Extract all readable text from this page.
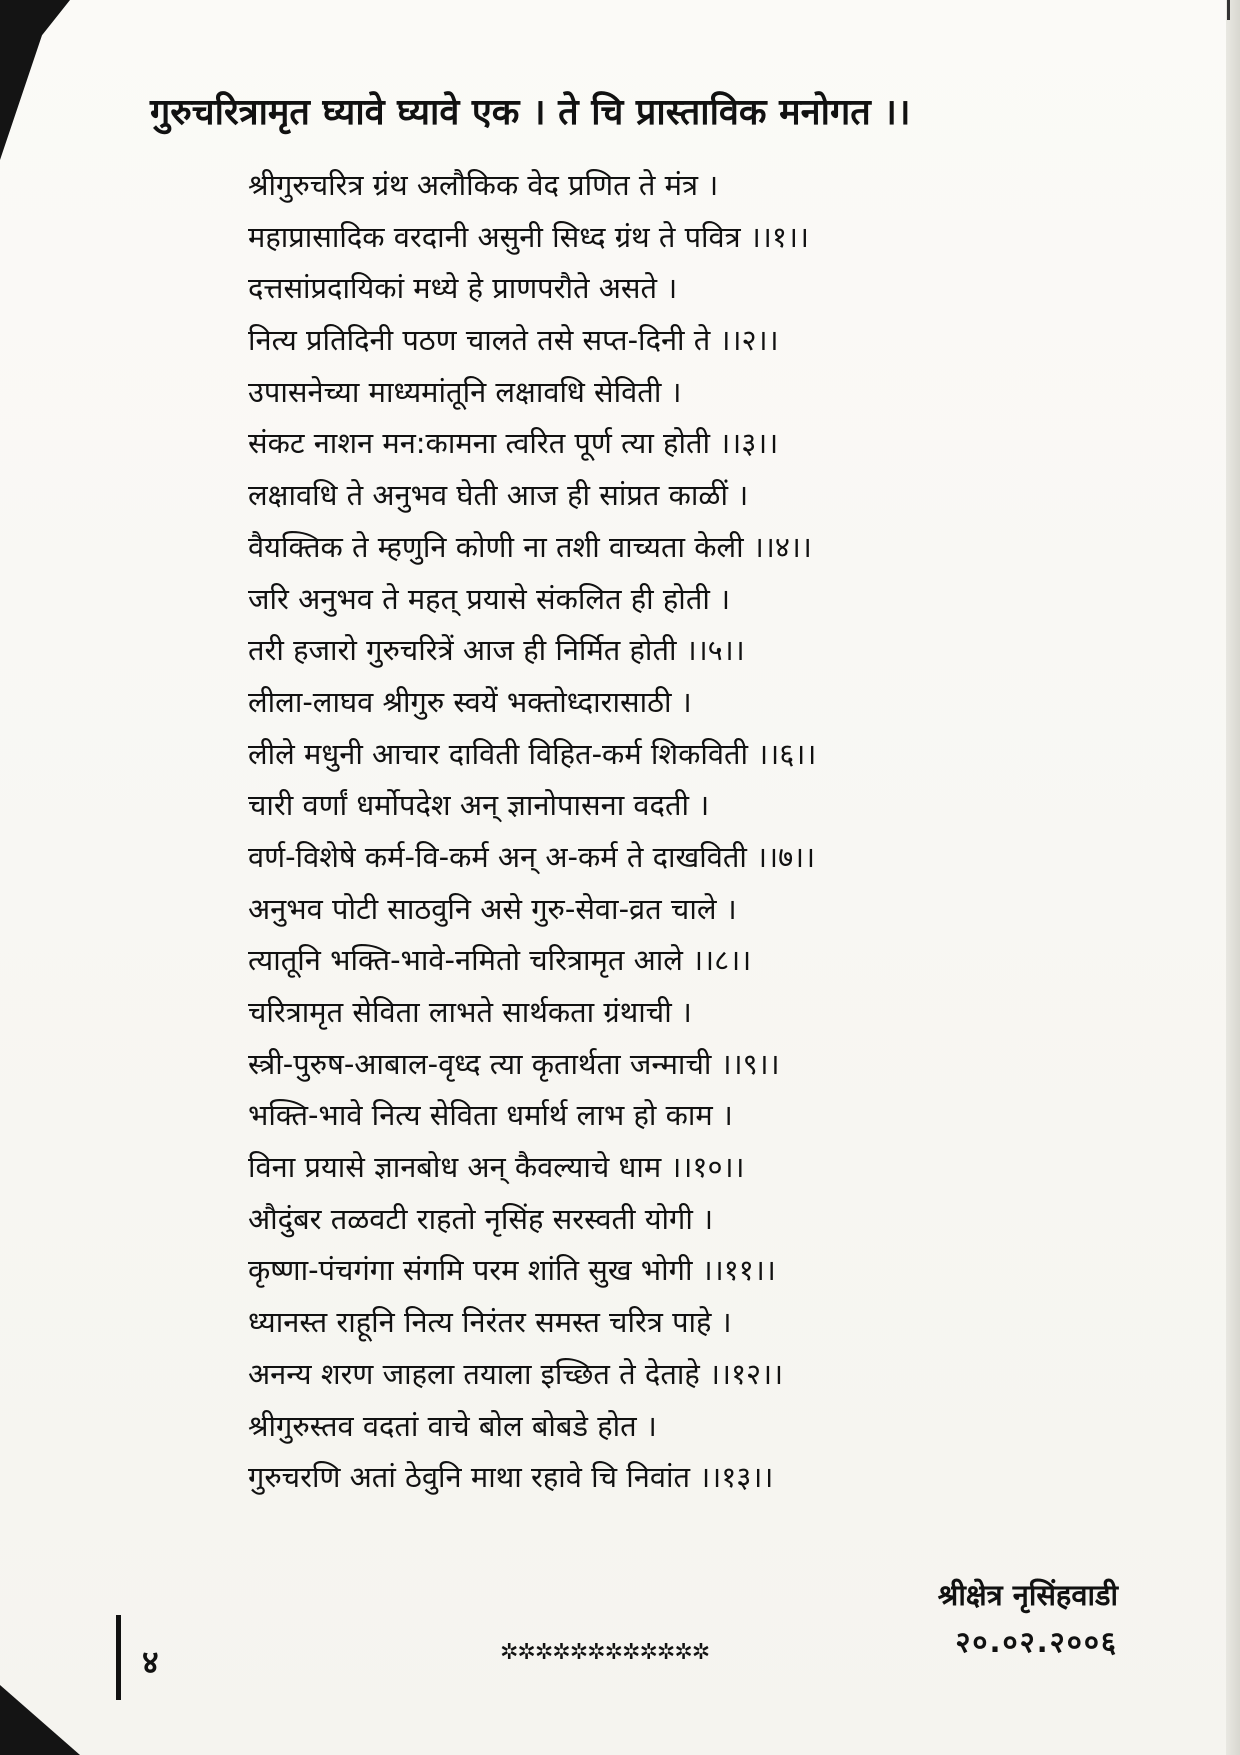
गुरुचरित्रामृत घ्यावे घ्यावे एक । ते चि प्रास्ताविक मनोगत ।।
श्रीगुरुचरित्र ग्रंथ अलौकिक वेद प्रणित ते मंत्र ।
महाप्रासादिक वरदानी असुनी सिध्द ग्रंथ ते पवित्र ।।१।।
दत्तसांप्रदायिकां मध्ये हे प्राणपरौते असते ।
नित्य प्रतिदिनी पठण चालते तसे सप्त-दिनी ते ।।२।।
उपासनेच्या माध्यमांतूनि लक्षावधि सेविती ।
संकट नाशन मन:कामना त्वरित पूर्ण त्या होती ।।३।।
लक्षावधि ते अनुभव घेती आज ही सांप्रत काळीं ।
वैयक्तिक ते म्हणुनि कोणी ना तशी वाच्यता केली ।।४।।
जरि अनुभव ते महत् प्रयासे संकलित ही होती ।
तरी हजारो गुरुचरित्रें आज ही निर्मित होती ।।५।।
लीला-लाघव श्रीगुरु स्वयें भक्तोध्दारासाठी ।
लीले मधुनी आचार दाविती विहित-कर्म शिकविती ।।६।।
चारी वर्णां धर्मोपदेश अन् ज्ञानोपासना वदती ।
वर्ण-विशेषे कर्म-वि-कर्म अन् अ-कर्म ते दाखविती ।।७।।
अनुभव पोटी साठवुनि असे गुरु-सेवा-व्रत चाले ।
त्यातूनि भक्ति-भावे-नमितो चरित्रामृत आले ।।८।।
चरित्रामृत सेविता लाभते सार्थकता ग्रंथाची ।
स्त्री-पुरुष-आबाल-वृध्द त्या कृतार्थता जन्माची ।।९।।
भक्ति-भावे नित्य सेविता धर्मार्थ लाभ हो काम ।
विना प्रयासे ज्ञानबोध अन् कैवल्याचे धाम ।।१०।।
औदुंबर तळवटी राहतो नृसिंह सरस्वती योगी ।
कृष्णा-पंचगंगा संगमि परम शांति सुख भोगी ।।११।।
ध्यानस्त राहूनि नित्य निरंतर समस्त चरित्र पाहे ।
अनन्य शरण जाहला तयाला इच्छित ते देताहे ।।१२।।
श्रीगुरुस्तव वदतां वाचे बोल बोबडे होत ।
गुरुचरणि अतां ठेवुनि माथा रहावे चि निवांत ।।१३।।
श्रीक्षेत्र नृसिंहवाडी
२०.०२.२००६
४	✲✲✲✲✲✲✲✲✲✲✲✲
